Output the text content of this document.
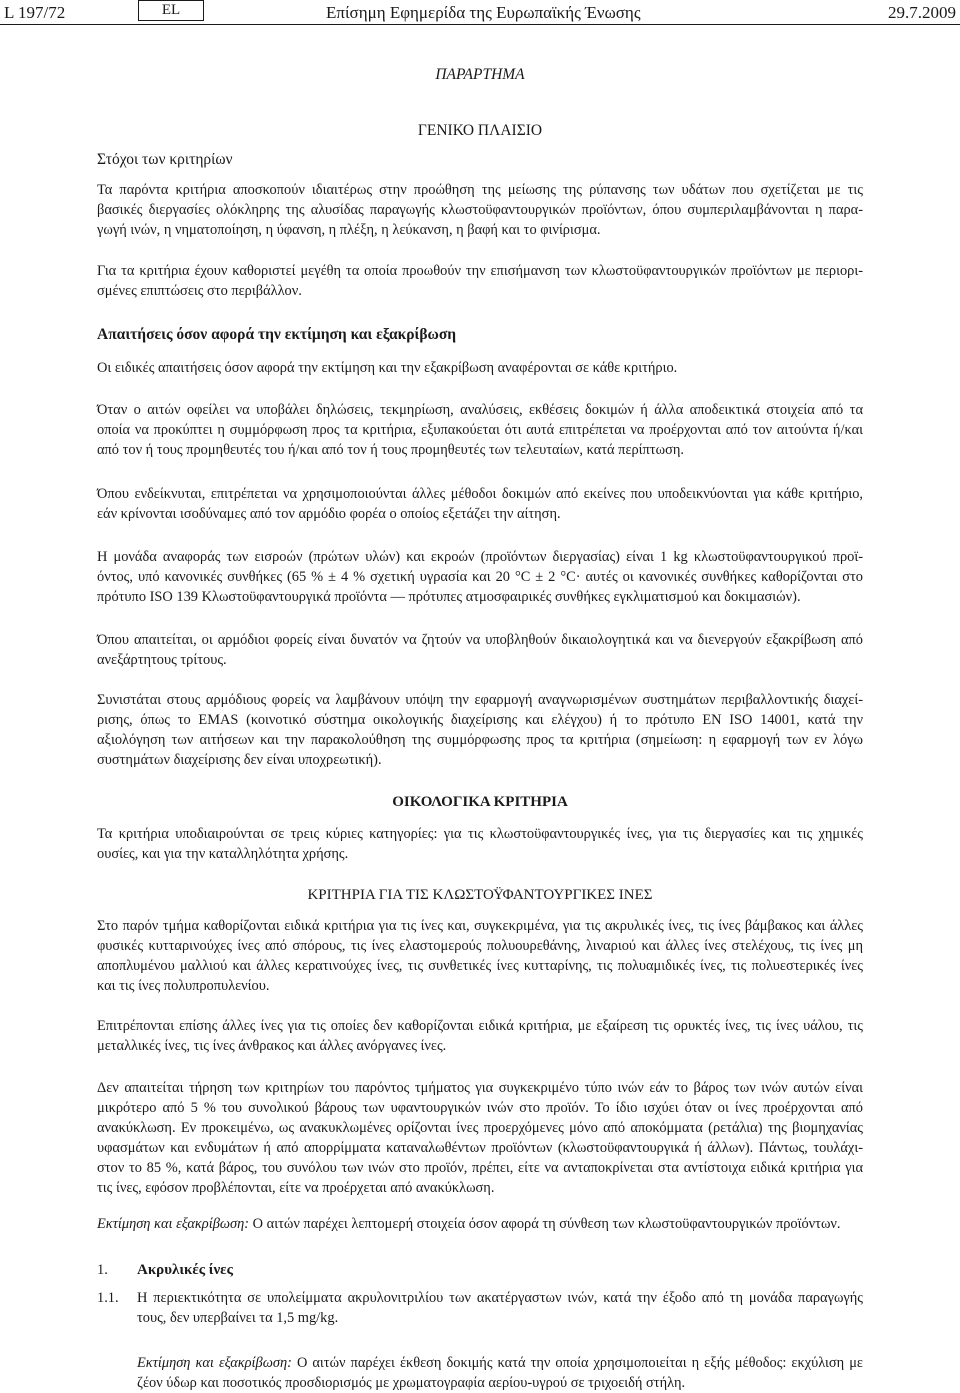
L 197/72	EL	Επίσημη Εφημερίδα της Ευρωπαϊκής Ένωσης	29.7.2009
ΠΑΡΑΡΤΗΜΑ
ΓΕΝΙΚΟ ΠΛΑΙΣΙΟ
Στόχοι των κριτηρίων
Τα παρόντα κριτήρια αποσκοπούν ιδιαιτέρως στην προώθηση της μείωσης της ρύπανσης των υδάτων που σχετίζεται με τις
βασικές διεργασίες ολόκληρης της αλυσίδας παραγωγής κλωστοϋφαντουργικών προϊόντων, όπου συμπεριλαμβάνονται η παρα-
γωγή ινών, η νηματοποίηση, η ύφανση, η πλέξη, η λεύκανση, η βαφή και το φινίρισμα.
Για τα κριτήρια έχουν καθοριστεί μεγέθη τα οποία προωθούν την επισήμανση των κλωστοϋφαντουργικών προϊόντων με περιορι-
σμένες επιπτώσεις στο περιβάλλον.
Απαιτήσεις όσον αφορά την εκτίμηση και εξακρίβωση
Οι ειδικές απαιτήσεις όσον αφορά την εκτίμηση και την εξακρίβωση αναφέρονται σε κάθε κριτήριο.
Όταν ο αιτών οφείλει να υποβάλει δηλώσεις, τεκμηρίωση, αναλύσεις, εκθέσεις δοκιμών ή άλλα αποδεικτικά στοιχεία από τα
οποία να προκύπτει η συμμόρφωση προς τα κριτήρια, εξυπακούεται ότι αυτά επιτρέπεται να προέρχονται από τον αιτούντα ή/και
από τον ή τους προμηθευτές του ή/και από τον ή τους προμηθευτές των τελευταίων, κατά περίπτωση.
Όπου ενδείκνυται, επιτρέπεται να χρησιμοποιούνται άλλες μέθοδοι δοκιμών από εκείνες που υποδεικνύονται για κάθε κριτήριο,
εάν κρίνονται ισοδύναμες από τον αρμόδιο φορέα ο οποίος εξετάζει την αίτηση.
Η μονάδα αναφοράς των εισροών (πρώτων υλών) και εκροών (προϊόντων διεργασίας) είναι 1 kg κλωστοϋφαντουργικού προϊ-
όντος, υπό κανονικές συνθήκες (65 % ± 4 % σχετική υγρασία και 20 °C ± 2 °C· αυτές οι κανονικές συνθήκες καθορίζονται στο
πρότυπο ISO 139 Κλωστοϋφαντουργικά προϊόντα — πρότυπες ατμοσφαιρικές συνθήκες εγκλιματισμού και δοκιμασιών).
Όπου απαιτείται, οι αρμόδιοι φορείς είναι δυνατόν να ζητούν να υποβληθούν δικαιολογητικά και να διενεργούν εξακρίβωση από
ανεξάρτητους τρίτους.
Συνιστάται στους αρμόδιους φορείς να λαμβάνουν υπόψη την εφαρμογή αναγνωρισμένων συστημάτων περιβαλλοντικής διαχεί-
ρισης, όπως το EMAS (κοινοτικό σύστημα οικολογικής διαχείρισης και ελέγχου) ή το πρότυπο EN ISO 14001, κατά την
αξιολόγηση των αιτήσεων και την παρακολούθηση της συμμόρφωσης προς τα κριτήρια (σημείωση: η εφαρμογή των εν λόγω
συστημάτων διαχείρισης δεν είναι υποχρεωτική).
ΟΙΚΟΛΟΓΙΚΑ ΚΡΙΤΗΡΙΑ
Τα κριτήρια υποδιαιρούνται σε τρεις κύριες κατηγορίες: για τις κλωστοϋφαντουργικές ίνες, για τις διεργασίες και τις χημικές
ουσίες, και για την καταλληλότητα χρήσης.
ΚΡΙΤΗΡΙΑ ΓΙΑ ΤΙΣ ΚΛΩΣΤΟΫΦΑΝΤΟΥΡΓΙΚΕΣ ΙΝΕΣ
Στο παρόν τμήμα καθορίζονται ειδικά κριτήρια για τις ίνες και, συγκεκριμένα, για τις ακρυλικές ίνες, τις ίνες βάμβακος και άλλες
φυσικές κυτταρινούχες ίνες από σπόρους, τις ίνες ελαστομερούς πολυουρεθάνης, λιναριού και άλλες ίνες στελέχους, τις ίνες μη
αποπλυμένου μαλλιού και άλλες κερατινούχες ίνες, τις συνθετικές ίνες κυτταρίνης, τις πολυαμιδικές ίνες, τις πολυεστερικές ίνες
και τις ίνες πολυπροπυλενίου.
Επιτρέπονται επίσης άλλες ίνες για τις οποίες δεν καθορίζονται ειδικά κριτήρια, με εξαίρεση τις ορυκτές ίνες, τις ίνες υάλου, τις
μεταλλικές ίνες, τις ίνες άνθρακος και άλλες ανόργανες ίνες.
Δεν απαιτείται τήρηση των κριτηρίων του παρόντος τμήματος για συγκεκριμένο τύπο ινών εάν το βάρος των ινών αυτών είναι
μικρότερο από 5 % του συνολικού βάρους των υφαντουργικών ινών στο προϊόν. Το ίδιο ισχύει όταν οι ίνες προέρχονται από
ανακύκλωση. Εν προκειμένω, ως ανακυκλωμένες ορίζονται ίνες προερχόμενες μόνο από αποκόμματα (ρετάλια) της βιομηχανίας
υφασμάτων και ενδυμάτων ή από απορρίμματα καταναλωθέντων προϊόντων (κλωστοϋφαντουργικά ή άλλων). Πάντως, τουλάχι-
στον το 85 %, κατά βάρος, του συνόλου των ινών στο προϊόν, πρέπει, είτε να ανταποκρίνεται στα αντίστοιχα ειδικά κριτήρια για
τις ίνες, εφόσον προβλέπονται, είτε να προέρχεται από ανακύκλωση.
Εκτίμηση και εξακρίβωση: Ο αιτών παρέχει λεπτομερή στοιχεία όσον αφορά τη σύνθεση των κλωστοϋφαντουργικών προϊόντων.
1. Ακρυλικές ίνες
1.1. Η περιεκτικότητα σε υπολείμματα ακρυλονιτριλίου των ακατέργαστων ινών, κατά την έξοδο από τη μονάδα παραγωγής
τους, δεν υπερβαίνει τα 1,5 mg/kg.
Εκτίμηση και εξακρίβωση: Ο αιτών παρέχει έκθεση δοκιμής κατά την οποία χρησιμοποιείται η εξής μέθοδος: εκχύλιση με
ζέον ύδωρ και ποσοτικός προσδιορισμός με χρωματογραφία αερίου-υγρού σε τριχοειδή στήλη.
